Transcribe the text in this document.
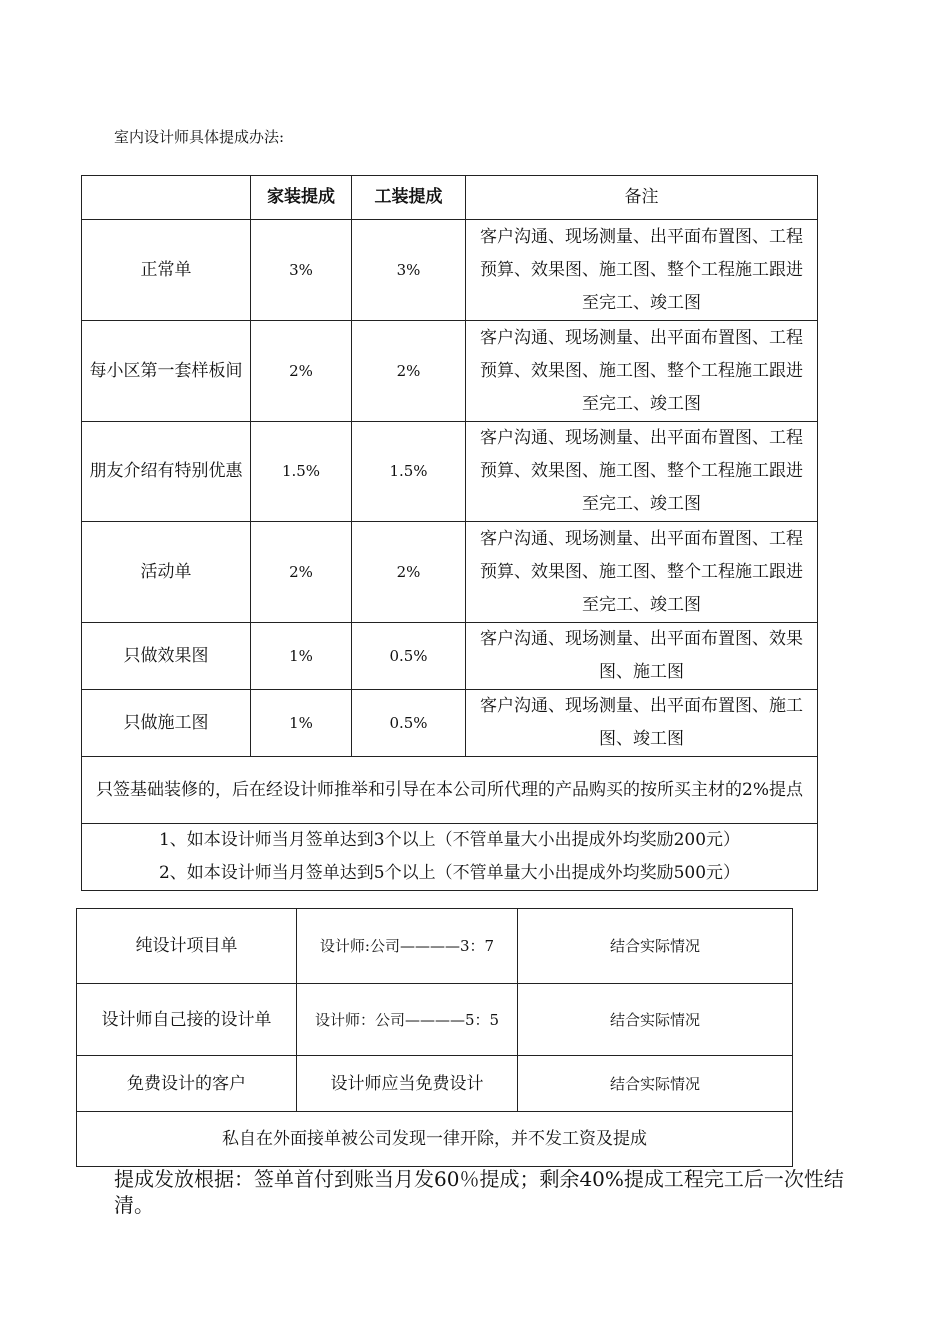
室内设计师具体提成办法:
	家装提成	工装提成	备注
正常单	3%	3%	客户沟通、现场测量、出平面布置图、工程预算、效果图、施工图、整个工程施工跟进至完工、竣工图
每小区第一套样板间	2%	2%	客户沟通、现场测量、出平面布置图、工程预算、效果图、施工图、整个工程施工跟进至完工、竣工图
朋友介绍有特别优惠	1.5%	1.5%	客户沟通、现场测量、出平面布置图、工程预算、效果图、施工图、整个工程施工跟进至完工、竣工图
活动单	2%	2%	客户沟通、现场测量、出平面布置图、工程预算、效果图、施工图、整个工程施工跟进至完工、竣工图
只做效果图	1%	0.5%	客户沟通、现场测量、出平面布置图、效果图、施工图
只做施工图	1%	0.5%	客户沟通、现场测量、出平面布置图、施工图、竣工图
只签基础装修的，后在经设计师推举和引导在本公司所代理的产品购买的按所买主材的2%提点			

1、如本设计师当月签单达到3个以上（不管单量大小出提成外均奖励200元）
2、如本设计师当月签单达到5个以上（不管单量大小出提成外均奖励500元）			
纯设计项目单	设计师:公司————3：7	结合实际情况
设计师自己接的设计单	设计师：公司————5：5	结合实际情况
免费设计的客户	设计师应当免费设计	结合实际情况
私自在外面接单被公司发现一律开除，并不发工资及提成		
提成发放根据：签单首付到账当月发60％提成；剩余40%提成工程完工后一次性结清。
